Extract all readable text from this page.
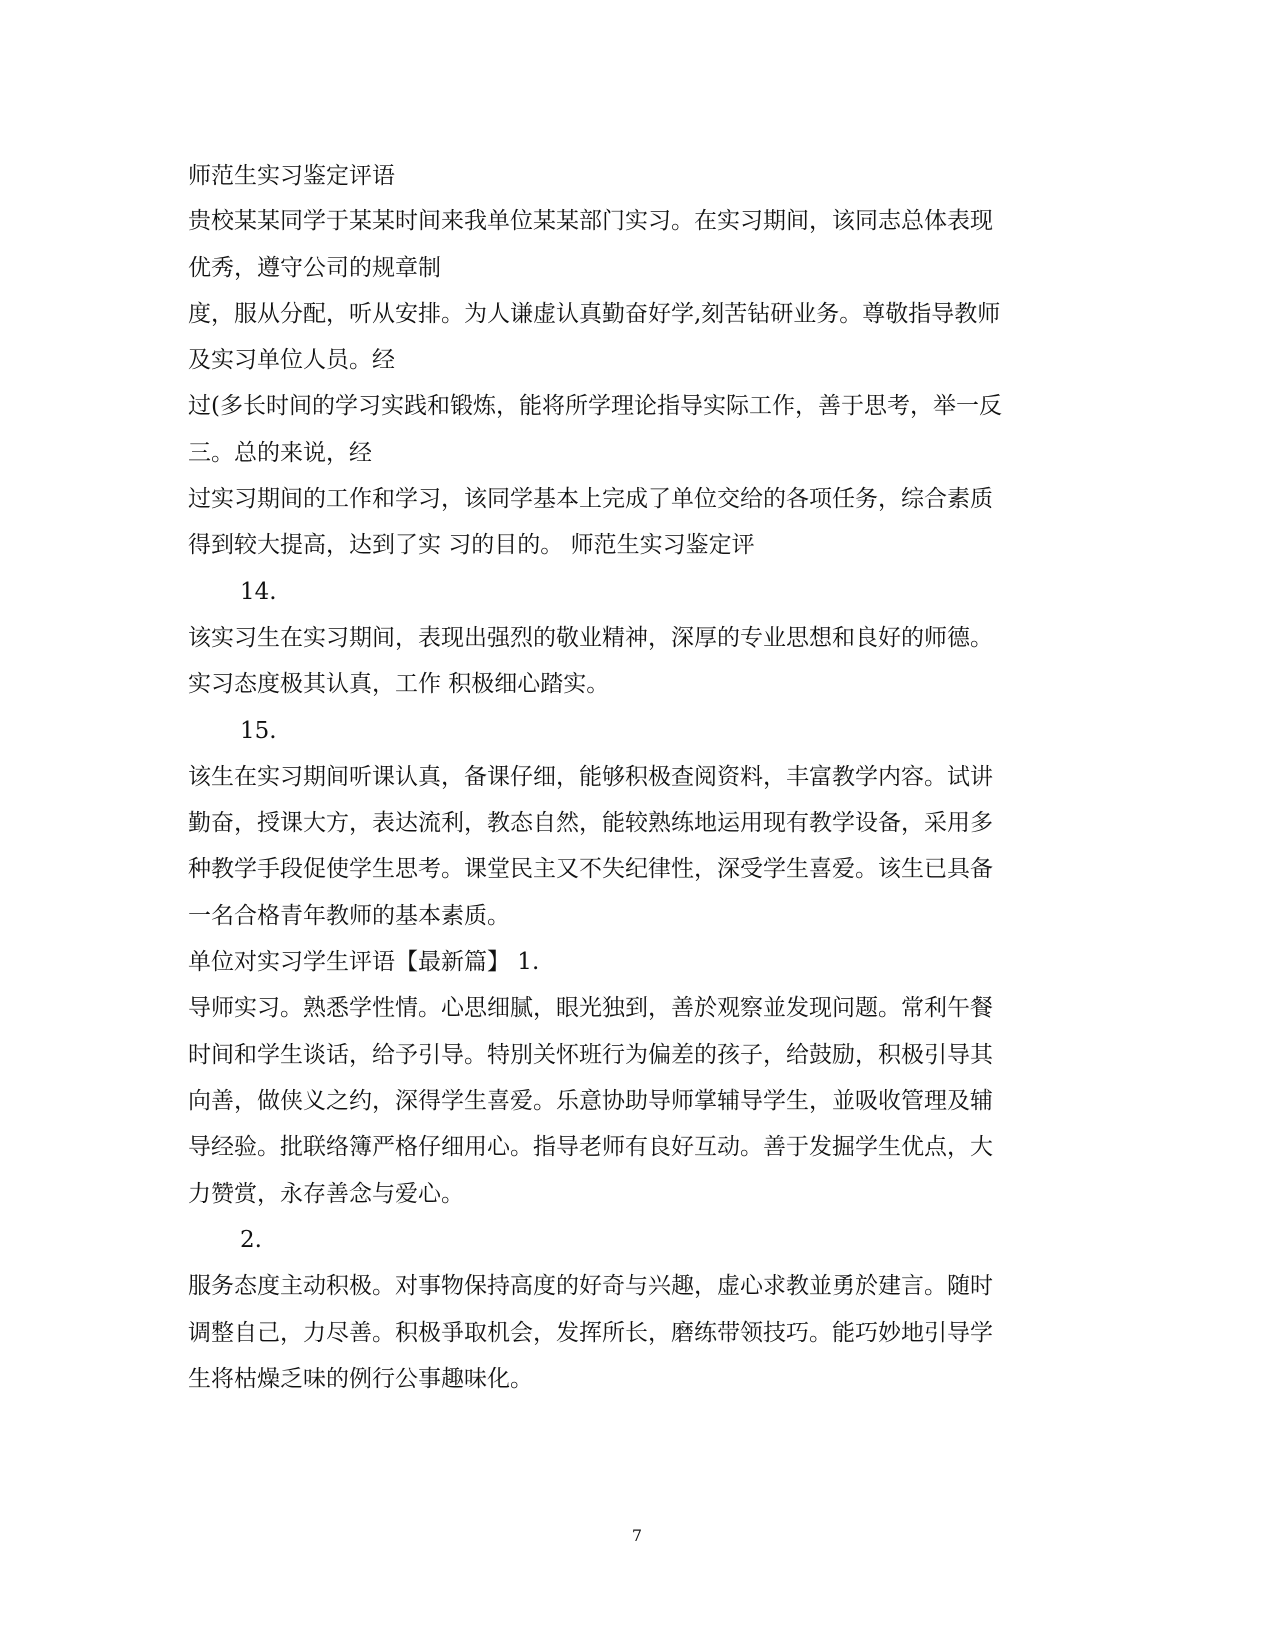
师范生实习鉴定评语
贵校某某同学于某某时间来我单位某某部门实习。在实习期间，该同志总体表现
优秀，遵守公司的规章制
度，服从分配，听从安排。为人谦虚认真勤奋好学,刻苦钻研业务。尊敬指导教师
及实习单位人员。经
过(多长时间的学习实践和锻炼，能将所学理论指导实际工作，善于思考，举一反
三。总的来说，经
过实习期间的工作和学习，该同学基本上完成了单位交给的各项任务，综合素质
得到较大提高，达到了实 习的目的。 师范生实习鉴定评
14.
该实习生在实习期间，表现出强烈的敬业精神，深厚的专业思想和良好的师德。
实习态度极其认真，工作 积极细心踏实。
15.
该生在实习期间听课认真，备课仔细，能够积极查阅资料，丰富教学内容。试讲
勤奋，授课大方，表达流利，教态自然，能较熟练地运用现有教学设备，采用多
种教学手段促使学生思考。课堂民主又不失纪律性，深受学生喜爱。该生已具备
一名合格青年教师的基本素质。
单位对实习学生评语【最新篇】 1.
导师实习。熟悉学性情。心思细腻，眼光独到，善於观察並发现问题。常利午餐
时间和学生谈话，给予引导。特別关怀班行为偏差的孩子，给鼓励，积极引导其
向善，做侠义之约，深得学生喜爱。乐意协助导师掌辅导学生，並吸收管理及辅
导经验。批联络簿严格仔细用心。指导老师有良好互动。善于发掘学生优点，大
力赞赏，永存善念与爱心。
2.
服务态度主动积极。对事物保持高度的好奇与兴趣，虚心求教並勇於建言。随时
调整自己，力尽善。积极爭取机会，发挥所长，磨练带领技巧。能巧妙地引导学
生将枯燥乏味的例行公事趣味化。
7
